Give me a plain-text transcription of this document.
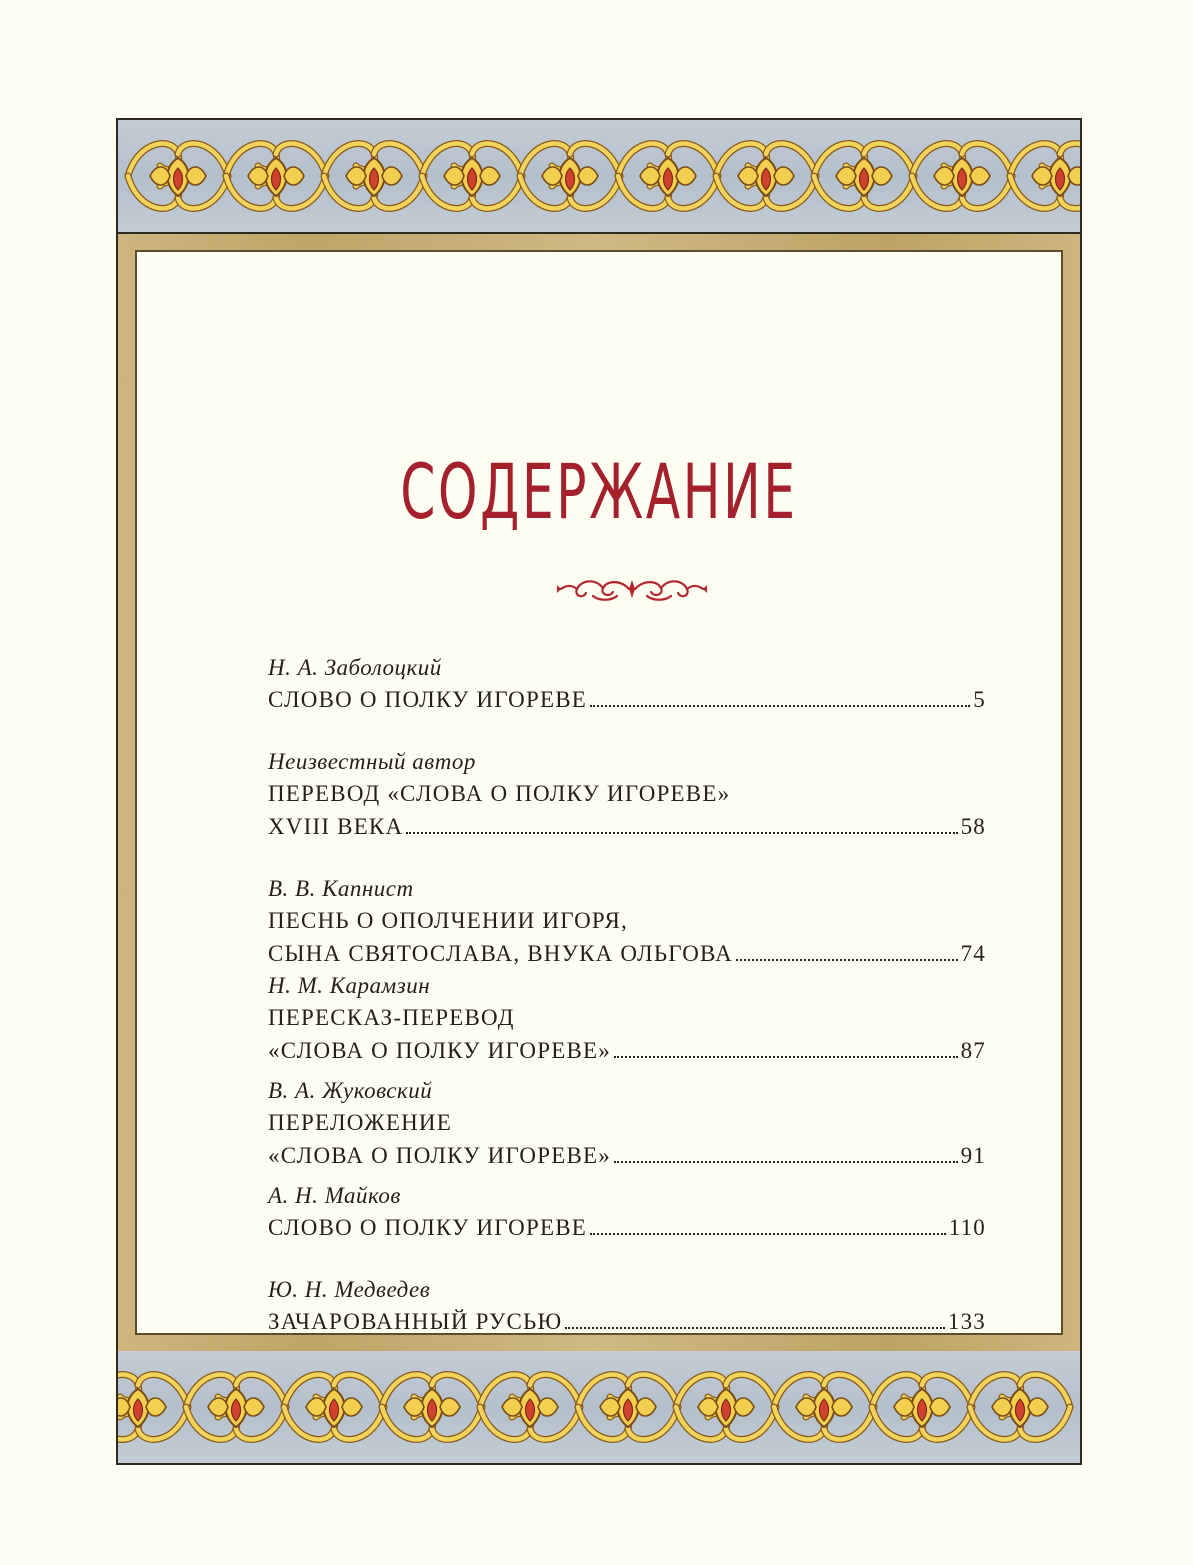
СОДЕРЖАНИЕ
Н. А. Заболоцкий
СЛОВО О ПОЛКУ ИГОРЕВЕ	5
Неизвестный автор
ПЕРЕВОД «СЛОВА О ПОЛКУ ИГОРЕВЕ»
XVIII ВЕКА	58
В. В. Капнист
ПЕСНЬ О ОПОЛЧЕНИИ ИГОРЯ,
СЫНА СВЯТОСЛАВА, ВНУКА ОЛЬГОВА	74
Н. М. Карамзин
ПЕРЕСКАЗ-ПЕРЕВОД
«СЛОВА О ПОЛКУ ИГОРЕВЕ»	87
В. А. Жуковский
ПЕРЕЛОЖЕНИЕ
«СЛОВА О ПОЛКУ ИГОРЕВЕ»	91
А. Н. Майков
СЛОВО О ПОЛКУ ИГОРЕВЕ	110
Ю. Н. Медведев
ЗАЧАРОВАННЫЙ РУСЬЮ	133
